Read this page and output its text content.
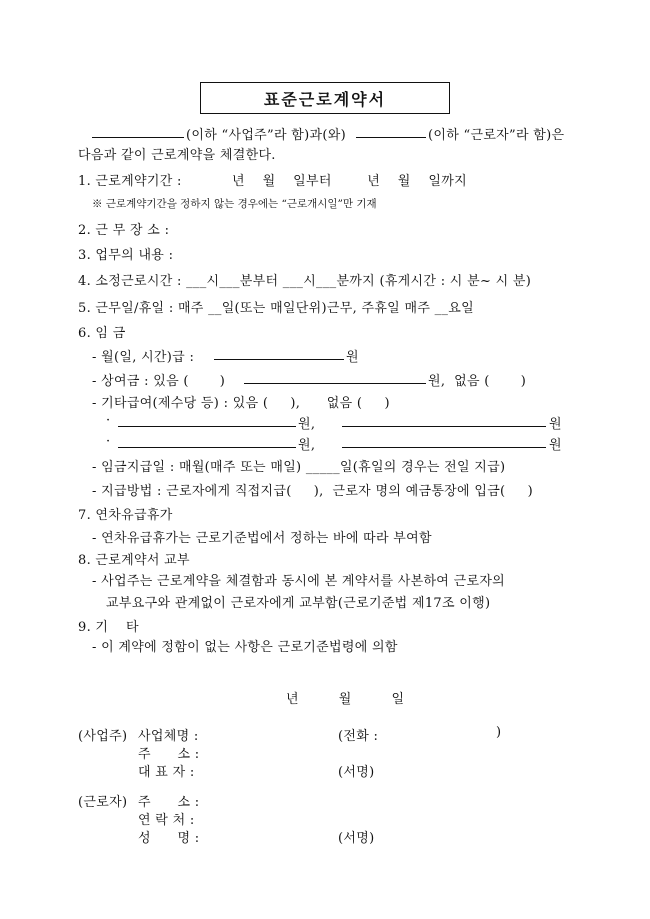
표준근로계약서
(이하 “사업주”라 함)과(와)	(이하 “근로자”라 함)은
다음과 같이 근로계약을 체결한다.
1. 근로계약기간 :	년    월    일부터        년    월    일까지
※ 근로계약기간을 정하지 않는 경우에는 “근로개시일”만 기재
2. 근 무 장 소 :
3. 업무의 내용 :
4. 소정근로시간 : ___시___분부터 ___시___분까지 (휴게시간 : 시 분~ 시 분)
5. 근무일/휴일 : 매주 __일(또는 매일단위)근무, 주휴일 매주 __요일
6. 임 금
- 월(일, 시간)급 :	원
- 상여금 : 있음 (       )	원,  없음 (       )
- 기타급여(제수당 등) : 있음 (     ),      없음 (     )
·	원,	원
·	원,	원
- 임금지급일 : 매월(매주 또는 매일) _____일(휴일의 경우는 전일 지급)
- 지급방법 : 근로자에게 직접지급(     ),  근로자 명의 예금통장에 입금(     )
7. 연차유급휴가
- 연차유급휴가는 근로기준법에서 정하는 바에 따라 부여함
8. 근로계약서 교부
- 사업주는 근로계약을 체결함과 동시에 본 계약서를 사본하여 근로자의
교부요구와 관계없이 근로자에게 교부함(근로기준법 제17조 이행)
9. 기    타
- 이 계약에 정함이 없는 사항은 근로기준법령에 의함
년         월         일
(사업주) 사업체명 :	(전화 :	)
주      소 :
대 표 자 :	(서명)
(근로자) 주      소 :
연 락 처 :
성      명 :	(서명)
